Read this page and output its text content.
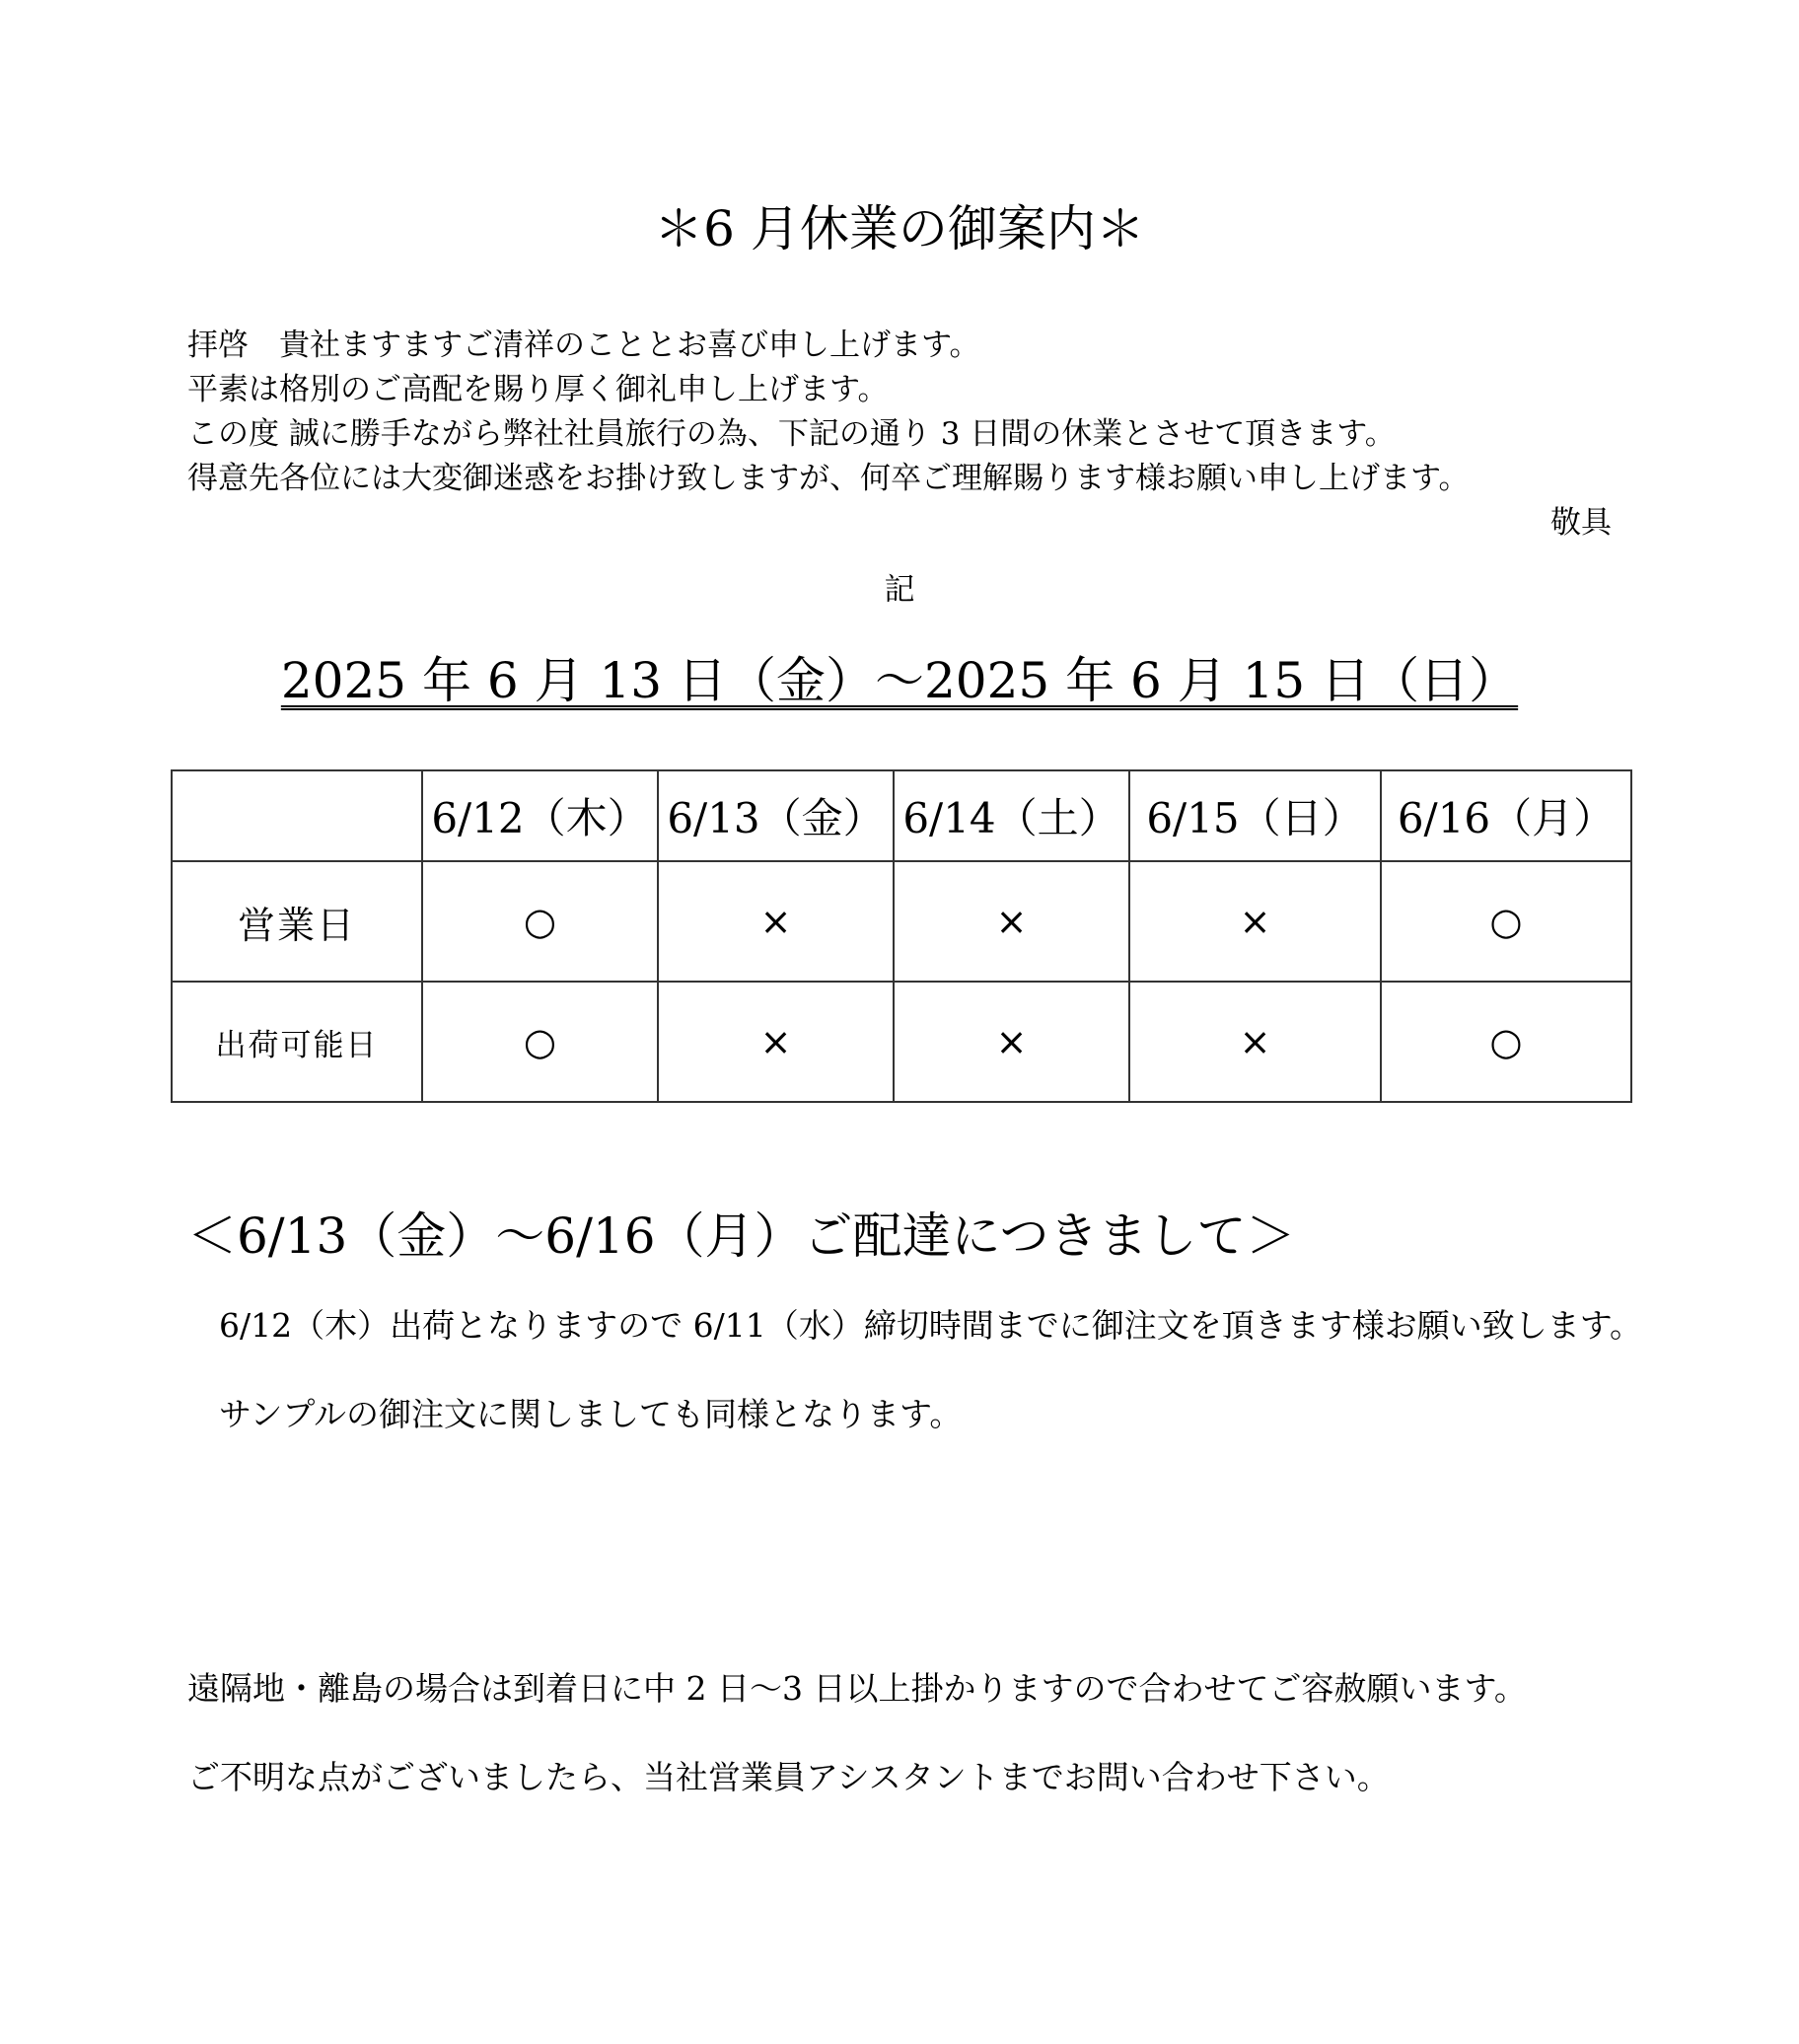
＊6 月休業の御案内＊
拝啓　貴社ますますご清祥のこととお喜び申し上げます。
平素は格別のご高配を賜り厚く御礼申し上げます。
この度 誠に勝手ながら弊社社員旅行の為、下記の通り 3 日間の休業とさせて頂きます。
得意先各位には大変御迷惑をお掛け致しますが、何卒ご理解賜ります様お願い申し上げます。
敬具
記
2025 年 6 月 13 日（金）～2025 年 6 月 15 日（日）
	6/12（木）	6/13（金）	6/14（土）	6/15（日）	6/16（月）
営業日	○	×	×	×	○
出荷可能日	○	×	×	×	○
＜6/13（金）～6/16（月）ご配達につきまして＞
6/12（木）出荷となりますので 6/11（水）締切時間までに御注文を頂きます様お願い致します。
サンプルの御注文に関しましても同様となります。
遠隔地・離島の場合は到着日に中 2 日～3 日以上掛かりますので合わせてご容赦願います。
ご不明な点がございましたら、当社営業員アシスタントまでお問い合わせ下さい。
